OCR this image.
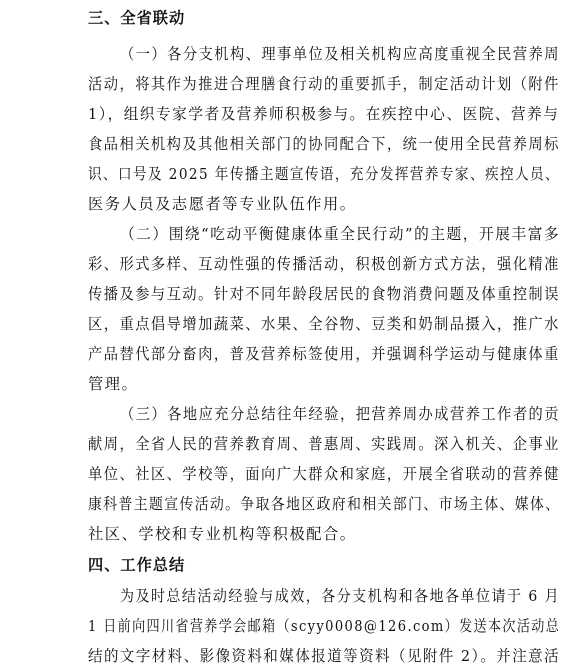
三、全省联动
（一）各分支机构、理事单位及相关机构应高度重视全民营养周
活动，将其作为推进合理膳食行动的重要抓手，制定活动计划（附件
1），组织专家学者及营养师积极参与。在疾控中心、医院、营养与
食品相关机构及其他相关部门的协同配合下，统一使用全民营养周标
识、口号及 2025 年传播主题宣传语，充分发挥营养专家、疾控人员、
医务人员及志愿者等专业队伍作用。
（二）围绕“吃动平衡健康体重全民行动”的主题，开展丰富多
彩、形式多样、互动性强的传播活动，积极创新方式方法，强化精准
传播及参与互动。针对不同年龄段居民的食物消费问题及体重控制误
区，重点倡导增加蔬菜、水果、全谷物、豆类和奶制品摄入，推广水
产品替代部分畜肉，普及营养标签使用，并强调科学运动与健康体重
管理。
（三）各地应充分总结往年经验，把营养周办成营养工作者的贡
献周，全省人民的营养教育周、普惠周、实践周。深入机关、企事业
单位、社区、学校等，面向广大群众和家庭，开展全省联动的营养健
康科普主题宣传活动。争取各地区政府和相关部门、市场主体、媒体、
社区、学校和专业机构等积极配合。
四、工作总结
为及时总结活动经验与成效，各分支机构和各地各单位请于 6 月
1 日前向四川省营养学会邮箱（scyy0008@126.com）发送本次活动总
结的文字材料、影像资料和媒体报道等资料（见附件 2）。并注意活
